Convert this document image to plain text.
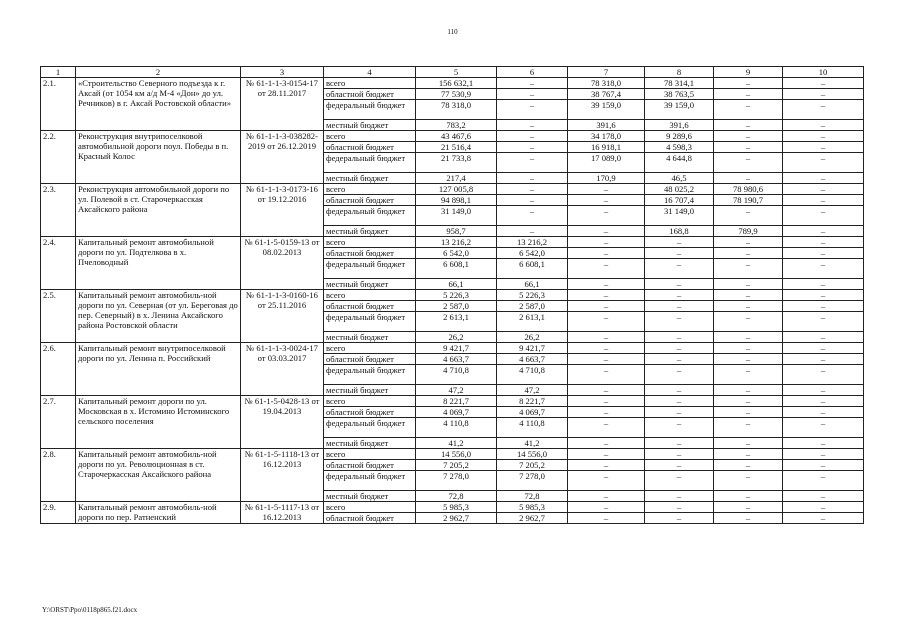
110
1	2	3	4	5	6	7	8	9	10
2.1.	«Строительство Северного подъезда к г. Аксай (от 1054 км а/д М-4 «Дон» до ул. Речников) в г. Аксай Ростовской области»	№ 61-1-1-3-0154-17 от 28.11.2017	всего	156 632,1	–	78 318,0	78 314,1	–	–
			областной бюджет	77 530,9	–	38 767,4	38 763,5	–	–
			федеральный бюджет	78 318,0	–	39 159,0	39 159,0	–	–
			местный бюджет	783,2	–	391,6	391,6	–	–
2.2.	Реконструкция внутрипоселковой автомобильной дороги поул. Победы в п. Красный Колос	№ 61-1-1-3-038282-2019 от 26.12.2019	всего	43 467,6	–	34 178,0	9 289,6	–	–
			областной бюджет	21 516,4	–	16 918,1	4 598,3	–	–
			федеральный бюджет	21 733,8	–	17 089,0	4 644,8	–	–
			местный бюджет	217,4	–	170,9	46,5	–	–
2.3.	Реконструкция автомобильной дороги по ул. Полевой в ст. Старочеркасская Аксайского района	№ 61-1-1-3-0173-16 от 19.12.2016	всего	127 005,8	–	–	48 025,2	78 980,6	–
			областной бюджет	94 898,1	–	–	16 707,4	78 190,7	–
			федеральный бюджет	31 149,0	–	–	31 149,0	–	–
			местный бюджет	958,7	–	–	168,8	789,9	–
2.4.	Капитальный ремонт автомобильной дороги по ул. Подтелкова в х. Пчеловодный	№ 61-1-5-0159-13 от 08.02.2013	всего	13 216,2	13 216,2	–	–	–	–
			областной бюджет	6 542,0	6 542,0	–	–	–	–
			федеральный бюджет	6 608,1	6 608,1	–	–	–	–
			местный бюджет	66,1	66,1	–	–	–	–
2.5.	Капитальный ремонт автомобиль-ной дороги по ул. Северная (от ул. Береговая до пер. Северный) в х. Ленина Аксайского района Ростовской области	№ 61-1-1-3-0160-16 от 25.11.2016	всего	5 226,3	5 226,3	–	–	–	–
			областной бюджет	2 587,0	2 587,0	–	–	–	–
			федеральный бюджет	2 613,1	2 613,1	–	–	–	–
			местный бюджет	26,2	26,2	–	–	–	–
2.6.	Капитальный ремонт внутрипоселковой дороги по ул. Ленина п. Российский	№ 61-1-1-3-0024-17 от 03.03.2017	всего	9 421,7	9 421,7	–	–	–	–
			областной бюджет	4 663,7	4 663,7	–	–	–	–
			федеральный бюджет	4 710,8	4 710,8	–	–	–	–
			местный бюджет	47,2	47,2	–	–	–	–
2.7.	Капитальный ремонт дороги по ул. Московская в х. Истомино Истоминского сельского поселения	№ 61-1-5-0428-13 от 19.04.2013	всего	8 221,7	8 221,7	–	–	–	–
			областной бюджет	4 069,7	4 069,7	–	–	–	–
			федеральный бюджет	4 110,8	4 110,8	–	–	–	–
			местный бюджет	41,2	41,2	–	–	–	–
2.8.	Капитальный ремонт автомобиль-ной дороги по ул. Революционная в ст. Старочеркасская Аксайского района	№ 61-1-5-1118-13 от 16.12.2013	всего	14 556,0	14 556,0	–	–	–	–
			областной бюджет	7 205,2	7 205,2	–	–	–	–
			федеральный бюджет	7 278,0	7 278,0	–	–	–	–
			местный бюджет	72,8	72,8	–	–	–	–
2.9.	Капитальный ремонт автомобиль-ной дороги по пер. Ратненский	№ 61-1-5-1117-13 от 16.12.2013	всего	5 985,3	5 985,3	–	–	–	–
			областной бюджет	2 962,7	2 962,7	–	–	–	–
Y:\ORST\Ppo\0118p865.f21.docx
